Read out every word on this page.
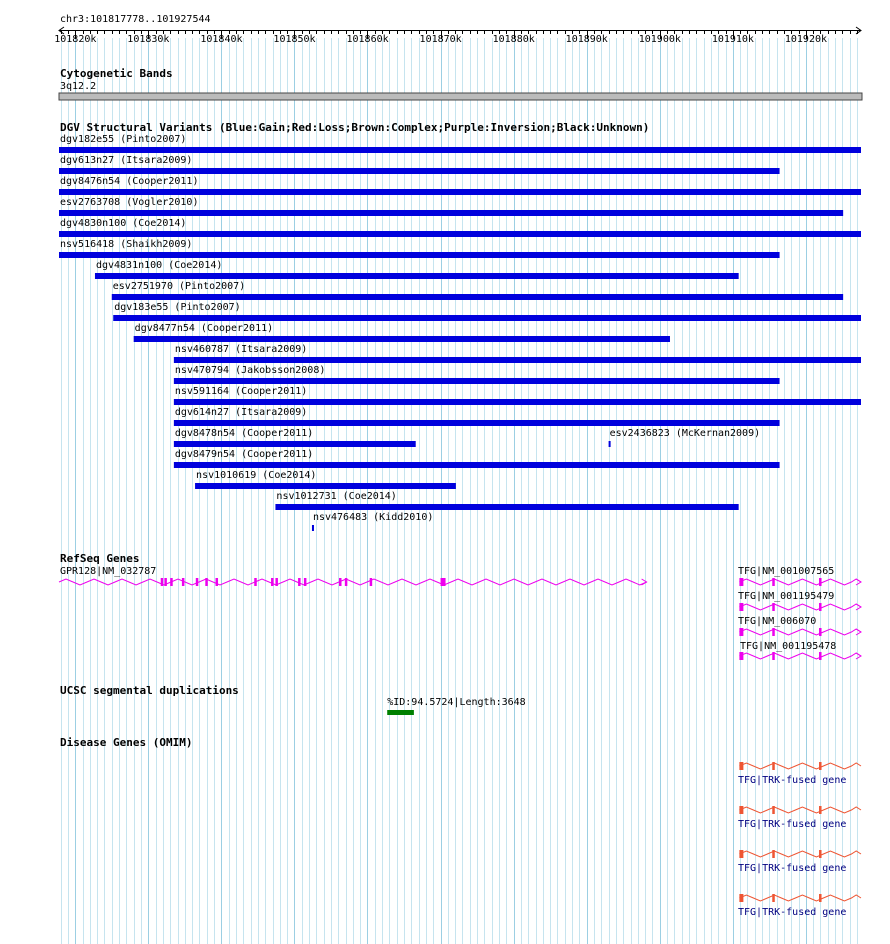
chr3:101817778..101927544
Cytogenetic Bands
3q12.2
DGV Structural Variants (Blue:Gain;Red:Loss;Brown:Complex;Purple:Inversion;Black:Unknown)
RefSeq Genes
UCSC segmental duplications
Disease Genes (OMIM)
101820k	101830k	101840k	101850k	101860k	101870k	101880k	101890k	101900k	101910k	101920k
dgv182e55 (Pinto2007)
dgv613n27 (Itsara2009)
dgv8476n54 (Cooper2011)
esv2763708 (Vogler2010)
dgv4830n100 (Coe2014)
nsv516418 (Shaikh2009)
dgv4831n100 (Coe2014)
esv2751970 (Pinto2007)
dgv183e55 (Pinto2007)
dgv8477n54 (Cooper2011)
nsv460787 (Itsara2009)
nsv470794 (Jakobsson2008)
nsv591164 (Cooper2011)
dgv614n27 (Itsara2009)
dgv8478n54 (Cooper2011)	esv2436823 (McKernan2009)
dgv8479n54 (Cooper2011)
nsv1010619 (Coe2014)
nsv1012731 (Coe2014)
nsv476483 (Kidd2010)
GPR128|NM_032787	TFG|NM_001007565
TFG|NM_001195479
TFG|NM_006070
TFG|NM_001195478
%ID:94.5724|Length:3648
TFG|TRK-fused gene
TFG|TRK-fused gene
TFG|TRK-fused gene
TFG|TRK-fused gene
